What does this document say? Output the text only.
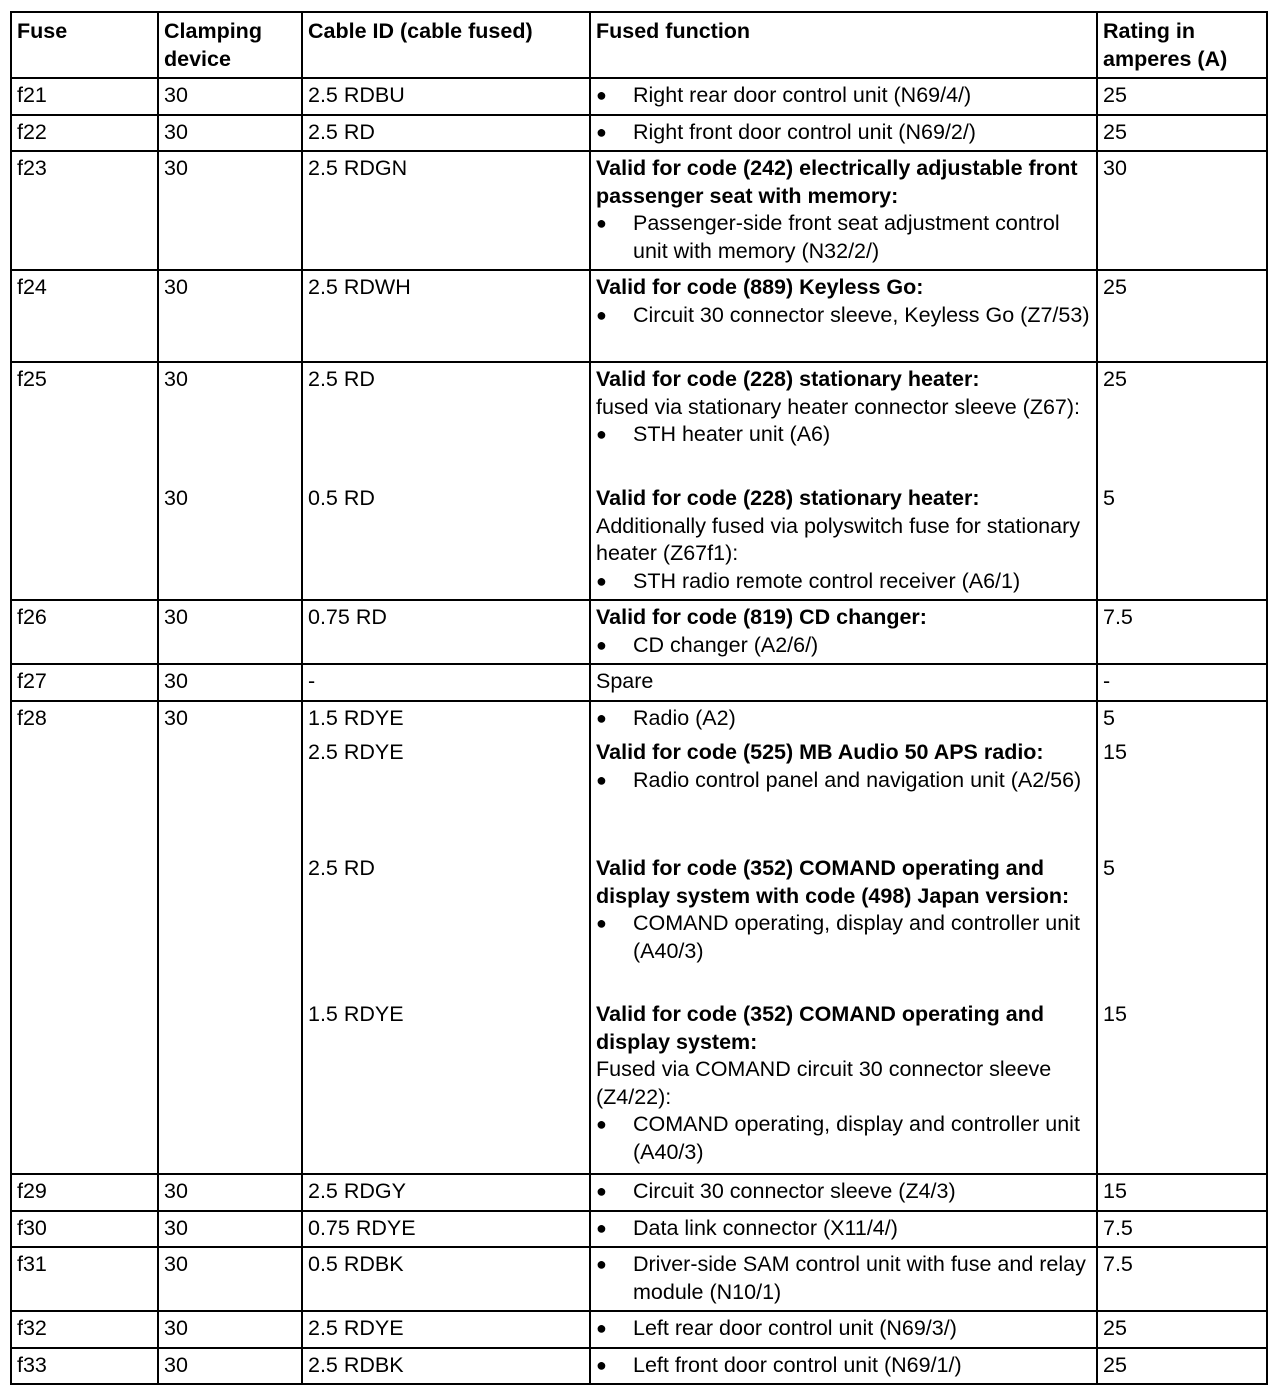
Fuse	Clamping device	Cable ID (cable fused)	Fused function	Rating in amperes (A)
f21	30	2.5 RDBU	● Right rear door control unit (N69/4/)	25
f22	30	2.5 RD	● Right front door control unit (N69/2/)	25
f23	30	2.5 RDGN	Valid for code (242) electrically adjustable front passenger seat with memory:
● Passenger-side front seat adjustment control unit with memory (N32/2/)	30
f24	30	2.5 RDWH	Valid for code (889) Keyless Go:
● Circuit 30 connector sleeve, Keyless Go (Z7/53)	25
f25	30	2.5 RD	Valid for code (228) stationary heater:
fused via stationary heater connector sleeve (Z67):
● STH heater unit (A6)	25
	30	0.5 RD	Valid for code (228) stationary heater:
Additionally fused via polyswitch fuse for stationary heater (Z67f1):
● STH radio remote control receiver (A6/1)	5
f26	30	0.75 RD	Valid for code (819) CD changer:
● CD changer (A2/6/)	7.5
f27	30	-	Spare	-
f28	30	1.5 RDYE	● Radio (A2)	5
		2.5 RDYE	Valid for code (525) MB Audio 50 APS radio:
● Radio control panel and navigation unit (A2/56)	15
		2.5 RD	Valid for code (352) COMAND operating and display system with code (498) Japan version:
● COMAND operating, display and controller unit (A40/3)	5
		1.5 RDYE	Valid for code (352) COMAND operating and display system:
Fused via COMAND circuit 30 connector sleeve (Z4/22):
● COMAND operating, display and controller unit (A40/3)	15
f29	30	2.5 RDGY	● Circuit 30 connector sleeve (Z4/3)	15
f30	30	0.75 RDYE	● Data link connector (X11/4/)	7.5
f31	30	0.5 RDBK	● Driver-side SAM control unit with fuse and relay module (N10/1)	7.5
f32	30	2.5 RDYE	● Left rear door control unit (N69/3/)	25
f33	30	2.5 RDBK	● Left front door control unit (N69/1/)	25
